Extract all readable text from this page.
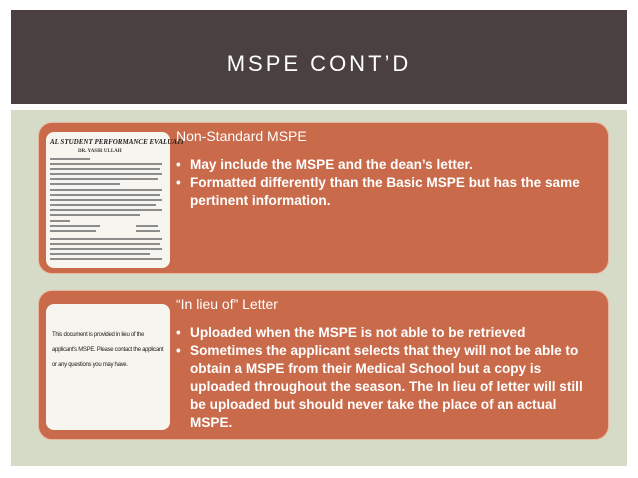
MSPE CONT’D
AL STUDENT PERFORMANCE EVALUATI
DR. YASIR ULLAH
Non-Standard MSPE
• May include the MSPE and the dean’s letter.
• Formatted differently than the Basic MSPE but has the same pertinent information.
This document is provided in lieu of the applicant's MSPE. Please contact the applicant or any questions you may have.
“In lieu of” Letter
• Uploaded when the MSPE is not able to be retrieved
• Sometimes the applicant selects that they will not be able to obtain a MSPE from their Medical School but a copy is uploaded throughout the season. The In lieu of letter will still be uploaded but should never take the place of an actual MSPE.
